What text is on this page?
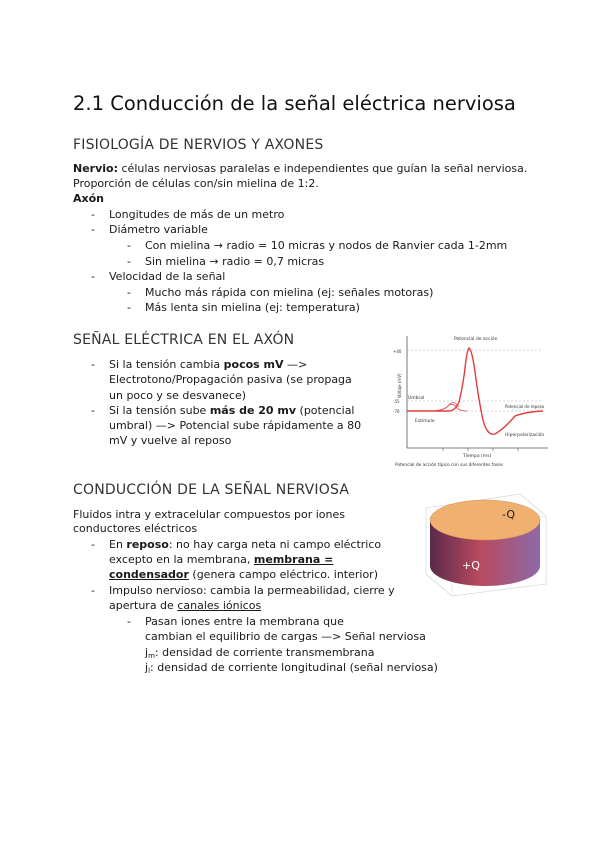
2.1 Conducción de la señal eléctrica nerviosa
FISIOLOGÍA DE NERVIOS Y AXONES
Nervio: células nerviosas paralelas e independientes que guían la señal nerviosa.
Proporción de células con/sin mielina de 1:2.
Axón
- Longitudes de más de un metro
- Diámetro variable
- Con mielina → radio = 10 micras y nodos de Ranvier cada 1-2mm
- Sin mielina → radio = 0,7 micras
- Velocidad de la señal
- Mucho más rápida con mielina (ej: señales motoras)
- Más lenta sin mielina (ej: temperatura)
SEÑAL ELÉCTRICA EN EL AXÓN
- Si la tensión cambia pocos mV —>
Electrotono/Propagación pasiva (se propaga
un poco y se desvanece)
- Si la tensión sube más de 20 mv (potencial
umbral) —> Potencial sube rápidamente a 80
mV y vuelve al reposo
Potencial de acción
Umbral
Estímulo
Potencial de reposo
Hiperpolarización
Tiempo (ms)
+40
-55
-70
Voltaje (mV)
Potencial de acción típico con sus diferentes fases
CONDUCCIÓN DE LA SEÑAL NERVIOSA
Fluidos intra y extracelular compuestos por iones
conductores eléctricos
- En reposo: no hay carga neta ni campo eléctrico
excepto en la membrana, membrana =
condensador (genera campo eléctrico. interior)
- Impulso nervioso: cambia la permeabilidad, cierre y
apertura de canales iónicos
- Pasan iones entre la membrana que
cambian el equilibrio de cargas —> Señal nerviosa
$j_m$: densidad de corriente transmembrana
$j_l$: densidad de corriente longitudinal (señal nerviosa)
-Q
+Q
